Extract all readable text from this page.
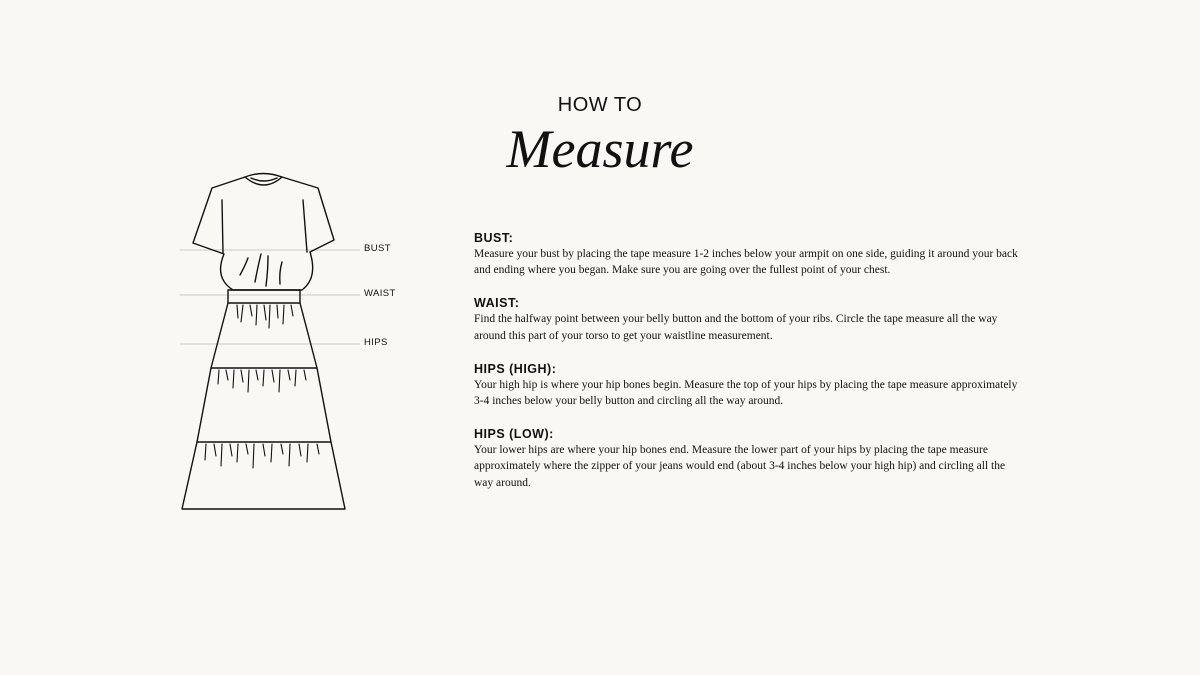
HOW TO
Measure
BUST
WAIST
HIPS
BUST:
Measure your bust by placing the tape measure 1-2 inches below your armpit on one side, guiding it around your back and ending where you began. Make sure you are going over the fullest point of your chest.
WAIST:
Find the halfway point between your belly button and the bottom of your ribs. Circle the tape measure all the way around this part of your torso to get your waistline measurement.
HIPS (HIGH):
Your high hip is where your hip bones begin. Measure the top of your hips by placing the tape measure approximately 3-4 inches below your belly button and circling all the way around.
HIPS (LOW):
Your lower hips are where your hip bones end. Measure the lower part of your hips by placing the tape measure approximately where the zipper of your jeans would end (about 3-4 inches below your high hip) and circling all the way around.
